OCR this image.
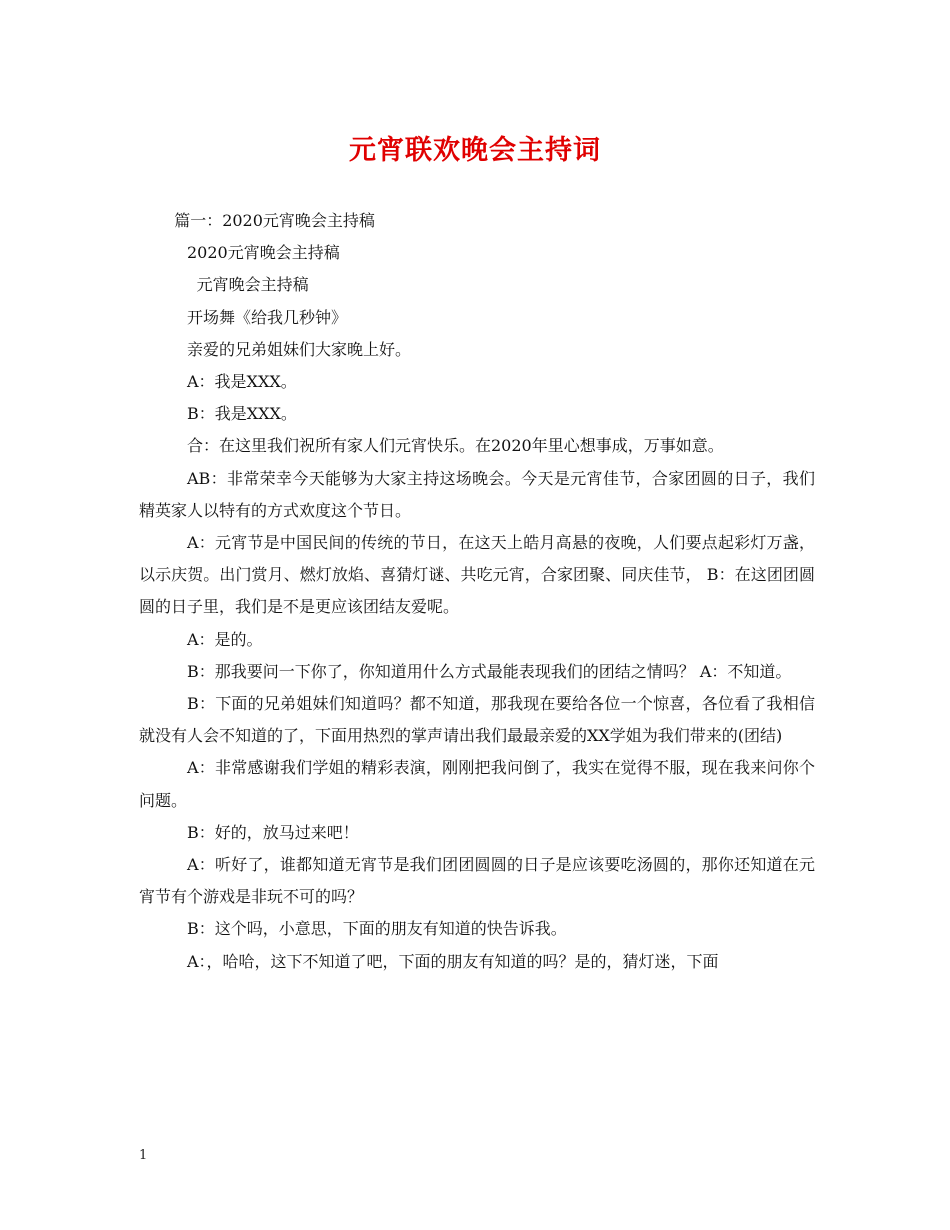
元宵联欢晚会主持词

篇一：2020元宵晚会主持稿

2020元宵晚会主持稿

元宵晚会主持稿

开场舞《给我几秒钟》

亲爱的兄弟姐妹们大家晚上好。

A：我是XXX。

B：我是XXX。

合：在这里我们祝所有家人们元宵快乐。在2020年里心想事成，万事如意。

AB：非常荣幸今天能够为大家主持这场晚会。今天是元宵佳节，合家团圆的日子，我们精英家人以特有的方式欢度这个节日。

A：元宵节是中国民间的传统的节日，在这天上皓月高悬的夜晚，人们要点起彩灯万盏，以示庆贺。出门赏月、燃灯放焰、喜猜灯谜、共吃元宵，合家团聚、同庆佳节， B：在这团团圆圆的日子里，我们是不是更应该团结友爱呢。

A：是的。

B：那我要问一下你了，你知道用什么方式最能表现我们的团结之情吗？ A：不知道。

B：下面的兄弟姐妹们知道吗？都不知道，那我现在要给各位一个惊喜，各位看了我相信就没有人会不知道的了，下面用热烈的掌声请出我们最最亲爱的XX学姐为我们带来的(团结)

A：非常感谢我们学姐的精彩表演，刚刚把我问倒了，我实在觉得不服，现在我来问你个问题。

B：好的，放马过来吧！

A：听好了，谁都知道无宵节是我们团团圆圆的日子是应该要吃汤圆的，那你还知道在元宵节有个游戏是非玩不可的吗？

B：这个吗，小意思，下面的朋友有知道的快告诉我。

A：，哈哈，这下不知道了吧，下面的朋友有知道的吗？是的，猜灯迷，下面

1
